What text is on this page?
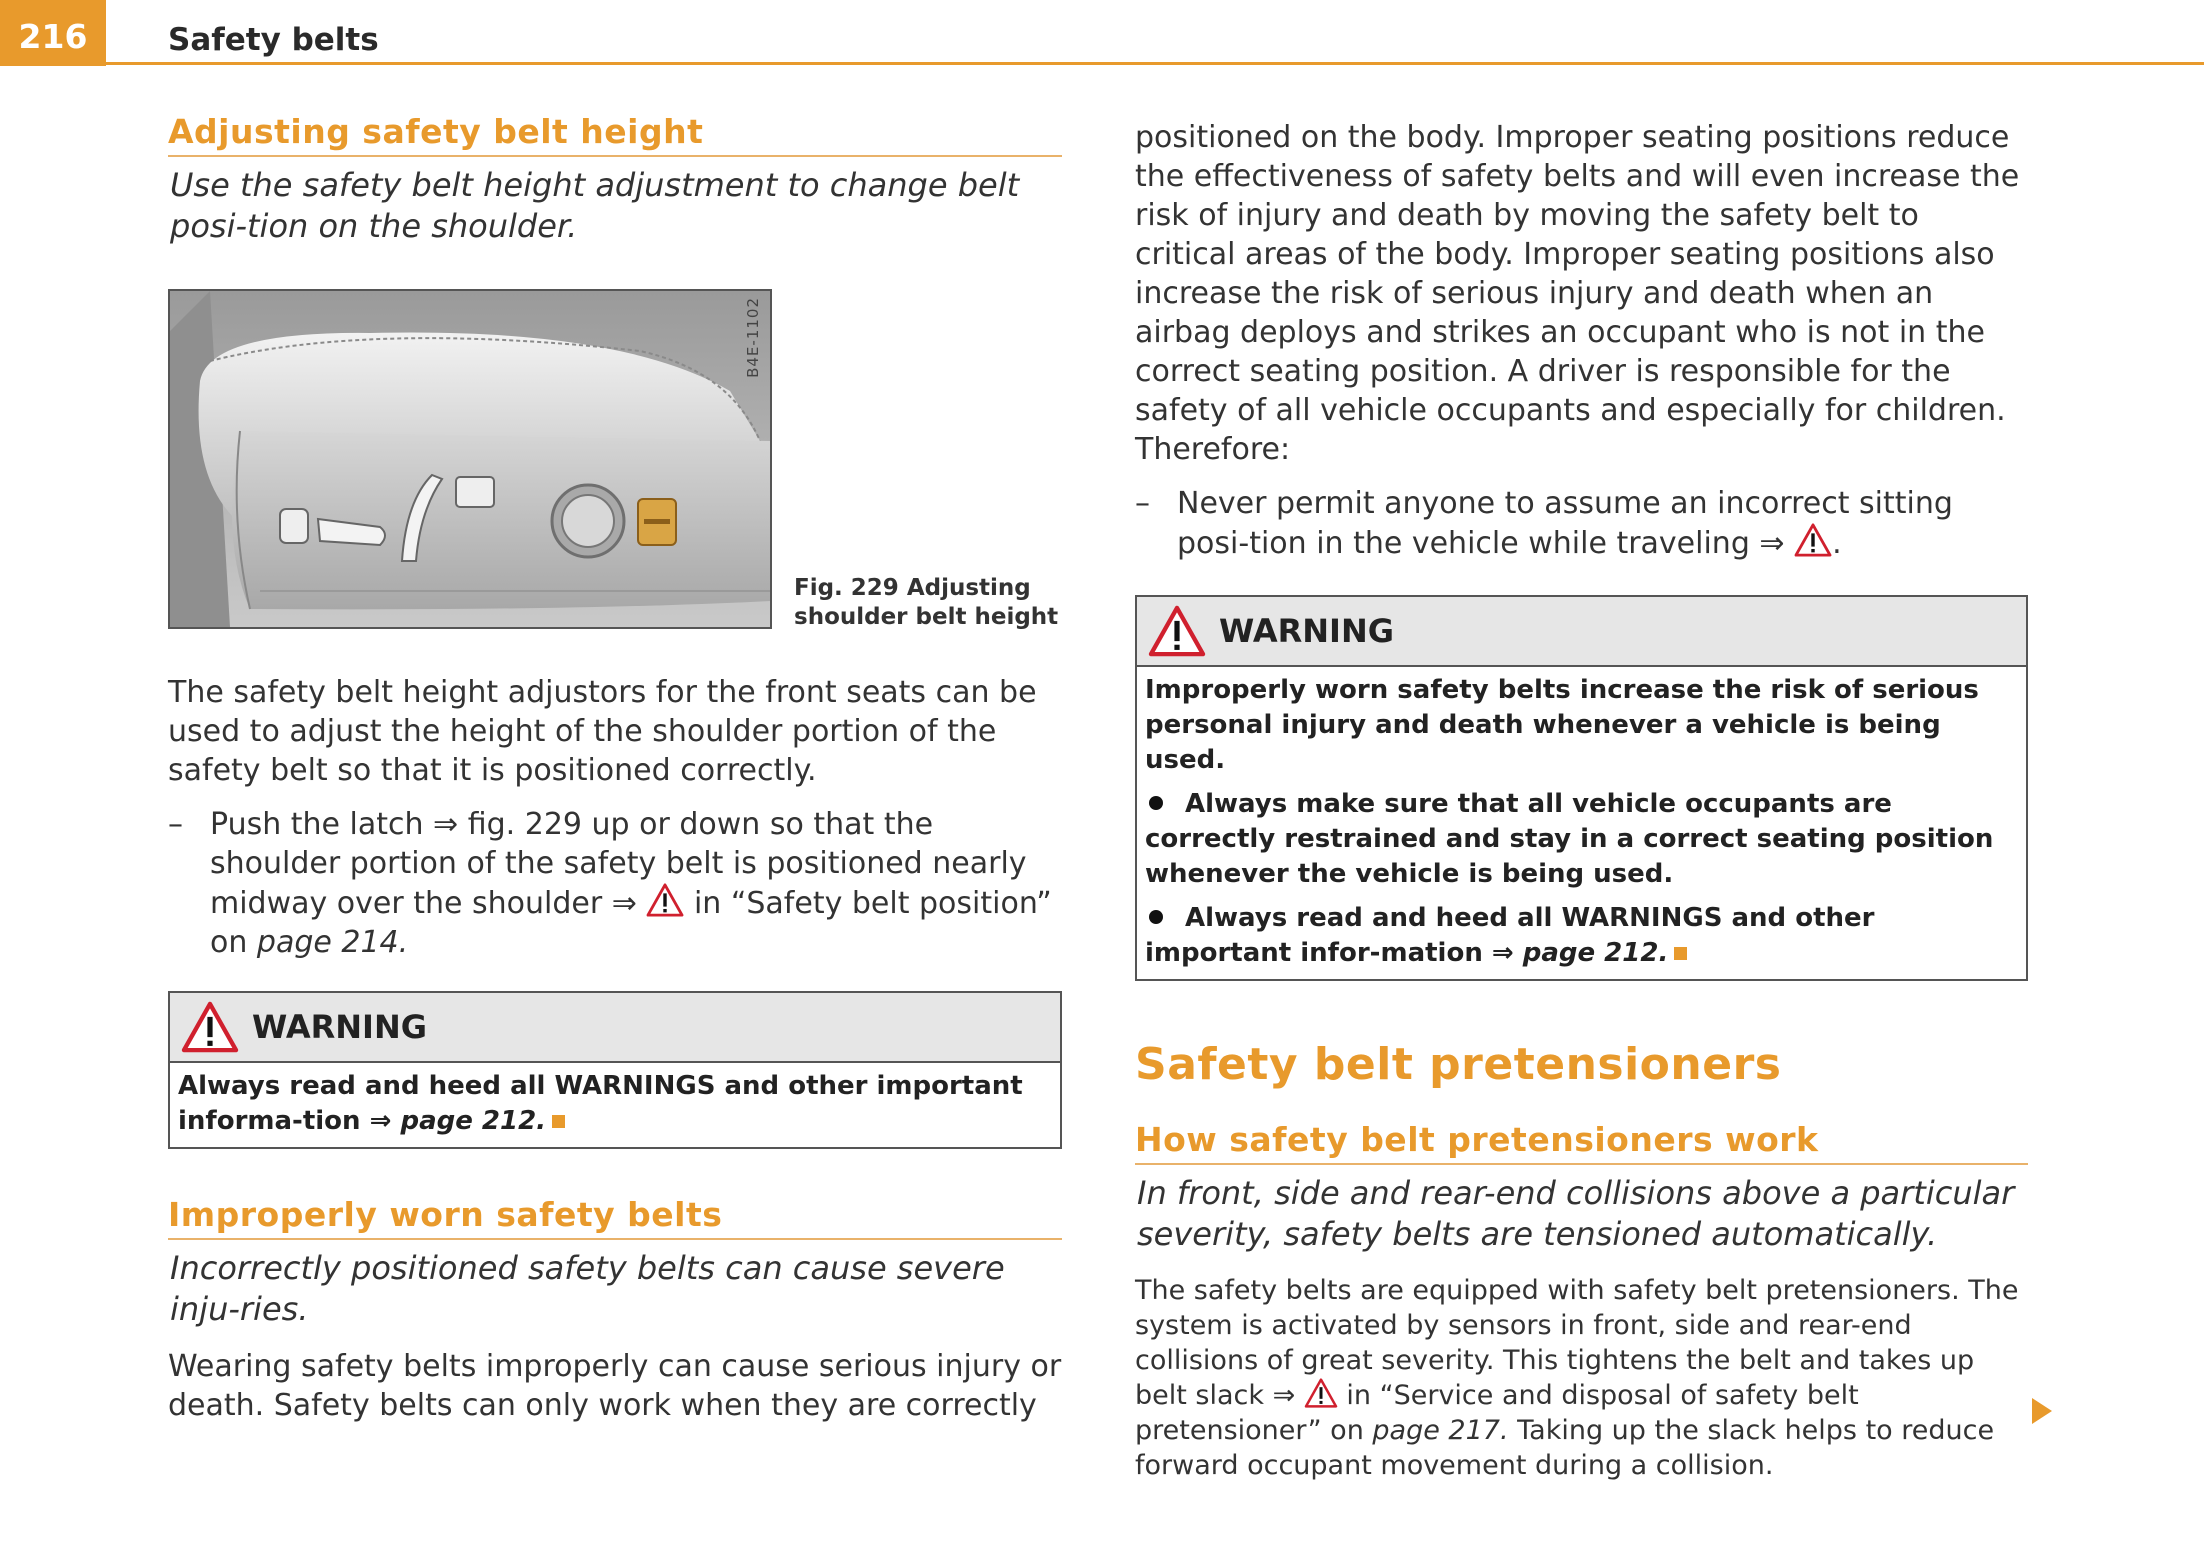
216	Safety belts
Adjusting safety belt height

Use the safety belt height adjustment to change belt posi-tion on the shoulder.

B4E-1102
Fig. 229 Adjusting
shoulder belt height

The safety belt height adjustors for the front seats can be used to adjust the height of the shoulder portion of the safety belt so that it is positioned correctly.

– Push the latch ⇒ fig. 229 up or down so that the shoulder portion of the safety belt is positioned nearly midway over the shoulder ⇒  in “Safety belt position” on page 214.
WARNING

Always read and heed all WARNINGS and other important informa-tion ⇒ page 212.

Improperly worn safety belts

Incorrectly positioned safety belts can cause severe inju-ries.

Wearing safety belts improperly can cause serious injury or death. Safety belts can only work when they are correctly

positioned on the body. Improper seating positions reduce the effectiveness of safety belts and will even increase the risk of injury and death by moving the safety belt to critical areas of the body. Improper seating positions also increase the risk of serious injury and death when an airbag deploys and strikes an occupant who is not in the correct seating position. A driver is responsible for the safety of all vehicle occupants and especially for children. Therefore:

– Never permit anyone to assume an incorrect sitting posi-tion in the vehicle while traveling ⇒ .
WARNING

Improperly worn safety belts increase the risk of serious personal injury and death whenever a vehicle is being used.

Always make sure that all vehicle occupants are correctly restrained and stay in a correct seating position whenever the vehicle is being used.

Always read and heed all WARNINGS and other important infor-mation ⇒ page 212.

Safety belt pretensioners
How safety belt pretensioners work

In front, side and rear-end collisions above a particular severity, safety belts are tensioned automatically.

The safety belts are equipped with safety belt pretensioners. The system is activated by sensors in front, side and rear-end collisions of great severity. This tightens the belt and takes up belt slack ⇒  in “Service and disposal of safety belt pretensioner” on page 217. Taking up the slack helps to reduce forward occupant movement during a collision.
